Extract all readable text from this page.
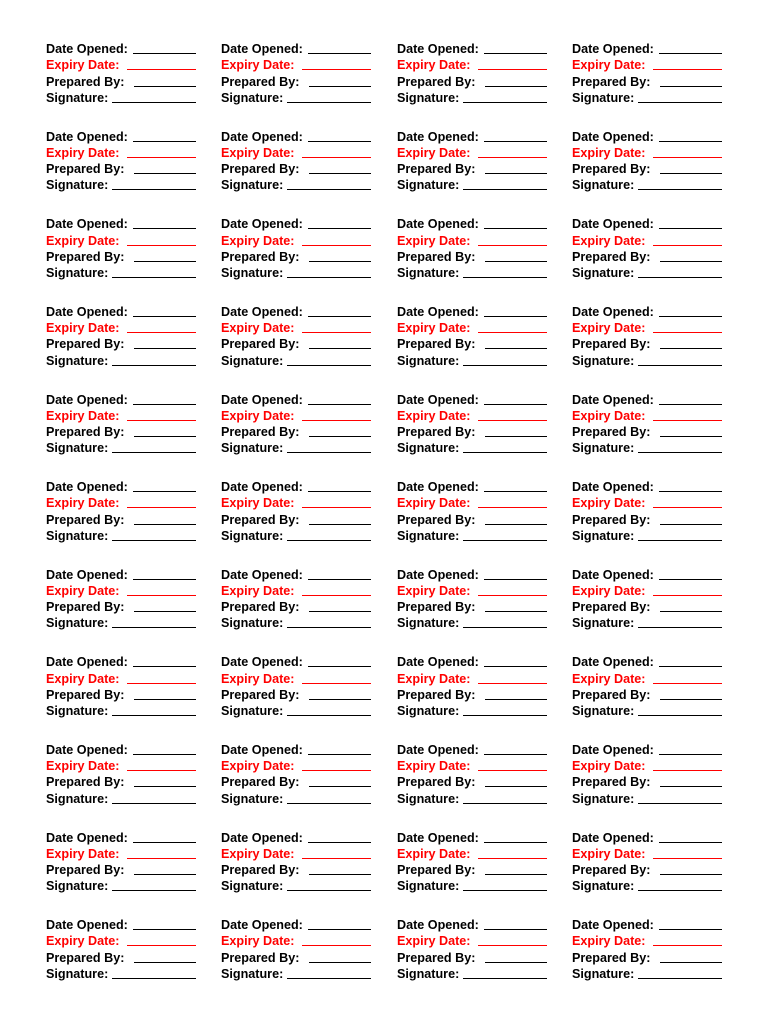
Date Opened:
Expiry Date:
Prepared By:
Signature:
Date Opened:
Expiry Date:
Prepared By:
Signature:
Date Opened:
Expiry Date:
Prepared By:
Signature:
Date Opened:
Expiry Date:
Prepared By:
Signature:
Date Opened:
Expiry Date:
Prepared By:
Signature:
Date Opened:
Expiry Date:
Prepared By:
Signature:
Date Opened:
Expiry Date:
Prepared By:
Signature:
Date Opened:
Expiry Date:
Prepared By:
Signature:
Date Opened:
Expiry Date:
Prepared By:
Signature:
Date Opened:
Expiry Date:
Prepared By:
Signature:
Date Opened:
Expiry Date:
Prepared By:
Signature:
Date Opened:
Expiry Date:
Prepared By:
Signature:
Date Opened:
Expiry Date:
Prepared By:
Signature:
Date Opened:
Expiry Date:
Prepared By:
Signature:
Date Opened:
Expiry Date:
Prepared By:
Signature:
Date Opened:
Expiry Date:
Prepared By:
Signature:
Date Opened:
Expiry Date:
Prepared By:
Signature:
Date Opened:
Expiry Date:
Prepared By:
Signature:
Date Opened:
Expiry Date:
Prepared By:
Signature:
Date Opened:
Expiry Date:
Prepared By:
Signature:
Date Opened:
Expiry Date:
Prepared By:
Signature:
Date Opened:
Expiry Date:
Prepared By:
Signature:
Date Opened:
Expiry Date:
Prepared By:
Signature:
Date Opened:
Expiry Date:
Prepared By:
Signature:
Date Opened:
Expiry Date:
Prepared By:
Signature:
Date Opened:
Expiry Date:
Prepared By:
Signature:
Date Opened:
Expiry Date:
Prepared By:
Signature:
Date Opened:
Expiry Date:
Prepared By:
Signature:
Date Opened:
Expiry Date:
Prepared By:
Signature:
Date Opened:
Expiry Date:
Prepared By:
Signature:
Date Opened:
Expiry Date:
Prepared By:
Signature:
Date Opened:
Expiry Date:
Prepared By:
Signature:
Date Opened:
Expiry Date:
Prepared By:
Signature:
Date Opened:
Expiry Date:
Prepared By:
Signature:
Date Opened:
Expiry Date:
Prepared By:
Signature:
Date Opened:
Expiry Date:
Prepared By:
Signature:
Date Opened:
Expiry Date:
Prepared By:
Signature:
Date Opened:
Expiry Date:
Prepared By:
Signature:
Date Opened:
Expiry Date:
Prepared By:
Signature:
Date Opened:
Expiry Date:
Prepared By:
Signature:
Date Opened:
Expiry Date:
Prepared By:
Signature:
Date Opened:
Expiry Date:
Prepared By:
Signature:
Date Opened:
Expiry Date:
Prepared By:
Signature:
Date Opened:
Expiry Date:
Prepared By:
Signature:
